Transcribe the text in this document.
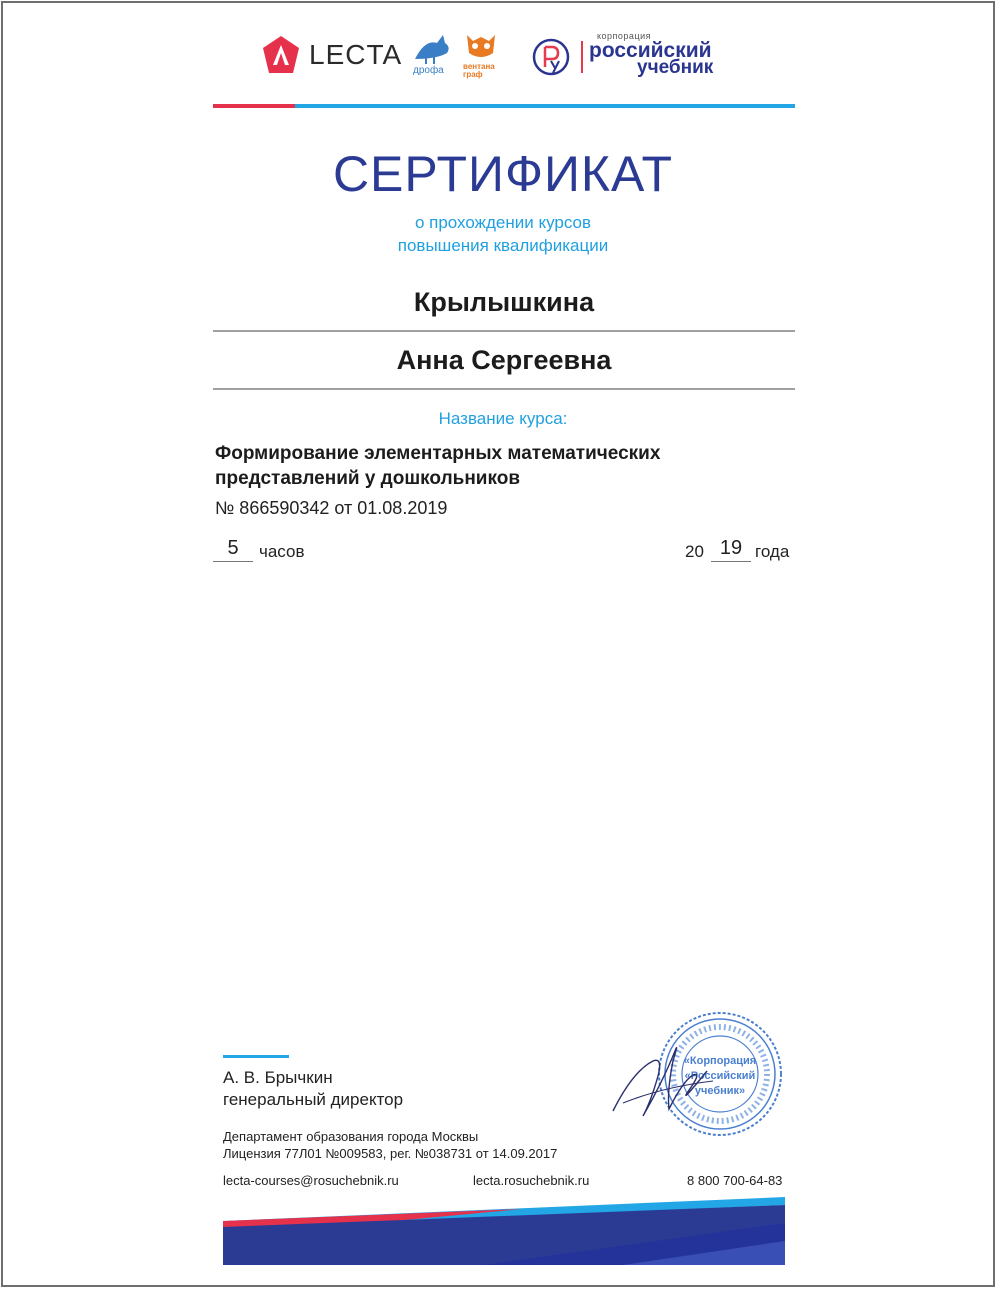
LECTA
дрофа вентана
граф
корпорация
российский
учебник
СЕРТИФИКАТ
о прохождении курсов
повышения квалификации
Крылышкина
Анна Сергеевна
Название курса:
Формирование элементарных математических
представлений у дошкольников
№ 866590342 от 01.08.2019
5	часов	20 19 года
А. В. Брычкин
генеральный директор
«Корпорация
«Российский
учебник»
Департамент образования города Москвы
Лицензия 77Л01 №009583, рег. №038731 от 14.09.2017
lecta-courses@rosuchebnik.ru	lecta.rosuchebnik.ru	8 800 700-64-83
